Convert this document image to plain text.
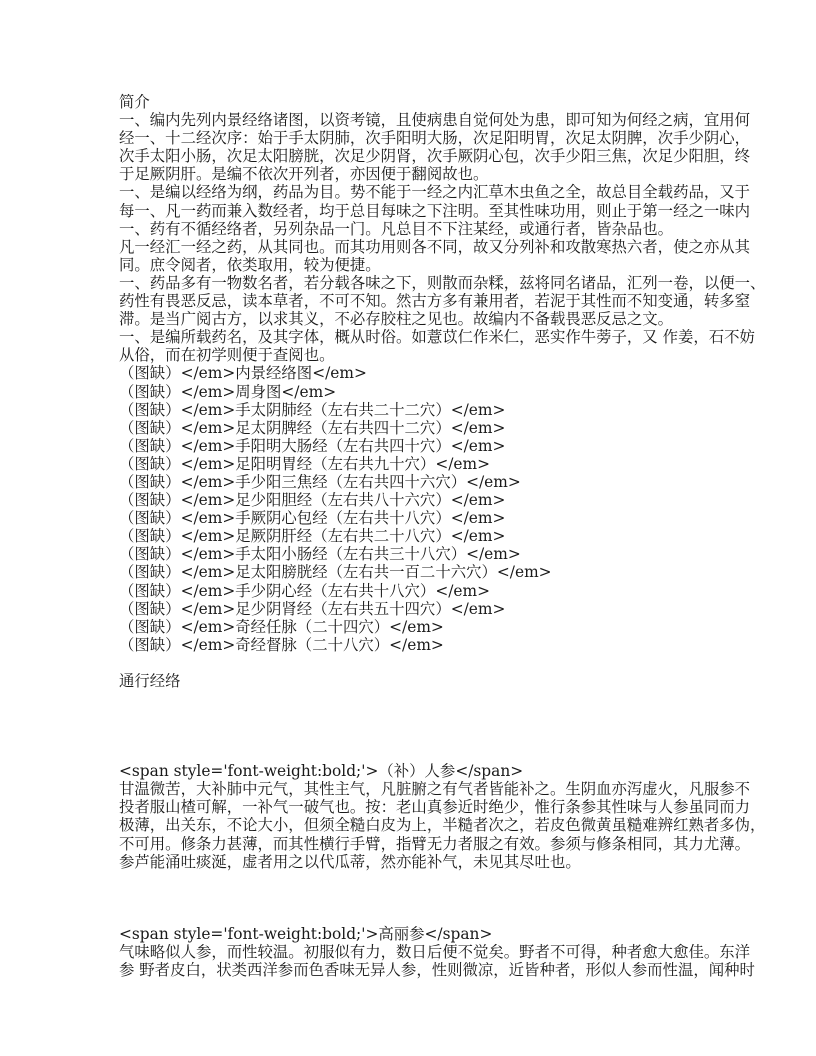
简介
一、编内先列内景经络诸图，以资考镜，且使病患自觉何处为患，即可知为何经之病，宜用何
经一、十二经次序：始于手太阴肺，次手阳明大肠，次足阳明胃，次足太阴脾，次手少阴心，
次手太阳小肠，次足太阳膀胱，次足少阴肾，次手厥阴心包，次手少阳三焦，次足少阳胆，终
于足厥阴肝。是编不依次开列者，亦因便于翻阅故也。
一、是编以经络为纲，药品为目。势不能于一经之内汇草木虫鱼之全，故总目全载药品，又于
每一、凡一药而兼入数经者，均于总目每味之下注明。至其性味功用，则止于第一经之一味内
一、药有不循经络者，另列杂品一门。凡总目不下注某经，或通行者，皆杂品也。
凡一经汇一经之药，从其同也。而其功用则各不同，故又分列补和攻散寒热六者，使之亦从其
同。庶令阅者，依类取用，较为便捷。
一、药品多有一物数名者，若分载各味之下，则散而杂糅，兹将同名诸品，汇列一卷，以便一、
药性有畏恶反忌，读本草者，不可不知。然古方多有兼用者，若泥于其性而不知变通，转多窒
滞。是当广阅古方，以求其义，不必存胶柱之见也。故编内不备载畏恶反忌之文。
一、是编所载药名，及其字体，概从时俗。如薏苡仁作米仁，恶实作牛蒡子，又 作姜，石不妨
从俗，而在初学则便于查阅也。
（图缺）</em>内景经络图</em>
（图缺）</em>周身图</em>
（图缺）</em>手太阴肺经（左右共二十二穴）</em>
（图缺）</em>足太阴脾经（左右共四十二穴）</em>
（图缺）</em>手阳明大肠经（左右共四十穴）</em>
（图缺）</em>足阳明胃经（左右共九十穴）</em>
（图缺）</em>手少阳三焦经（左右共四十六穴）</em>
（图缺）</em>足少阳胆经（左右共八十六穴）</em>
（图缺）</em>手厥阴心包经（左右共十八穴）</em>
（图缺）</em>足厥阴肝经（左右共二十八穴）</em>
（图缺）</em>手太阳小肠经（左右共三十八穴）</em>
（图缺）</em>足太阳膀胱经（左右共一百二十六穴）</em>
（图缺）</em>手少阴心经（左右共十八穴）</em>
（图缺）</em>足少阴肾经（左右共五十四穴）</em>
（图缺）</em>奇经任脉（二十四穴）</em>
（图缺）</em>奇经督脉（二十八穴）</em>
通行经络
<span style='font-weight:bold;'>（补）人参</span>
甘温微苦，大补肺中元气，其性主气，凡脏腑之有气者皆能补之。生阴血亦泻虚火，凡服参不
投者服山楂可解，一补气一破气也。按：老山真参近时绝少，惟行条参其性味与人参虽同而力
极薄，出关东，不论大小，但须全糙白皮为上，半糙者次之，若皮色微黄虽糙难辨红熟者多伪，
不可用。修条力甚薄，而其性横行手臂，指臂无力者服之有效。参须与修条相同，其力尤薄。
参芦能涌吐痰涎，虚者用之以代瓜蒂，然亦能补气，未见其尽吐也。
<span style='font-weight:bold;'>高丽参</span>
气味略似人参，而性较温。初服似有力，数日后便不觉矣。野者不可得，种者愈大愈佳。东洋
参 野者皮白，状类西洋参而色香味无异人参，性则微凉，近皆种者，形似人参而性温，闻种时
